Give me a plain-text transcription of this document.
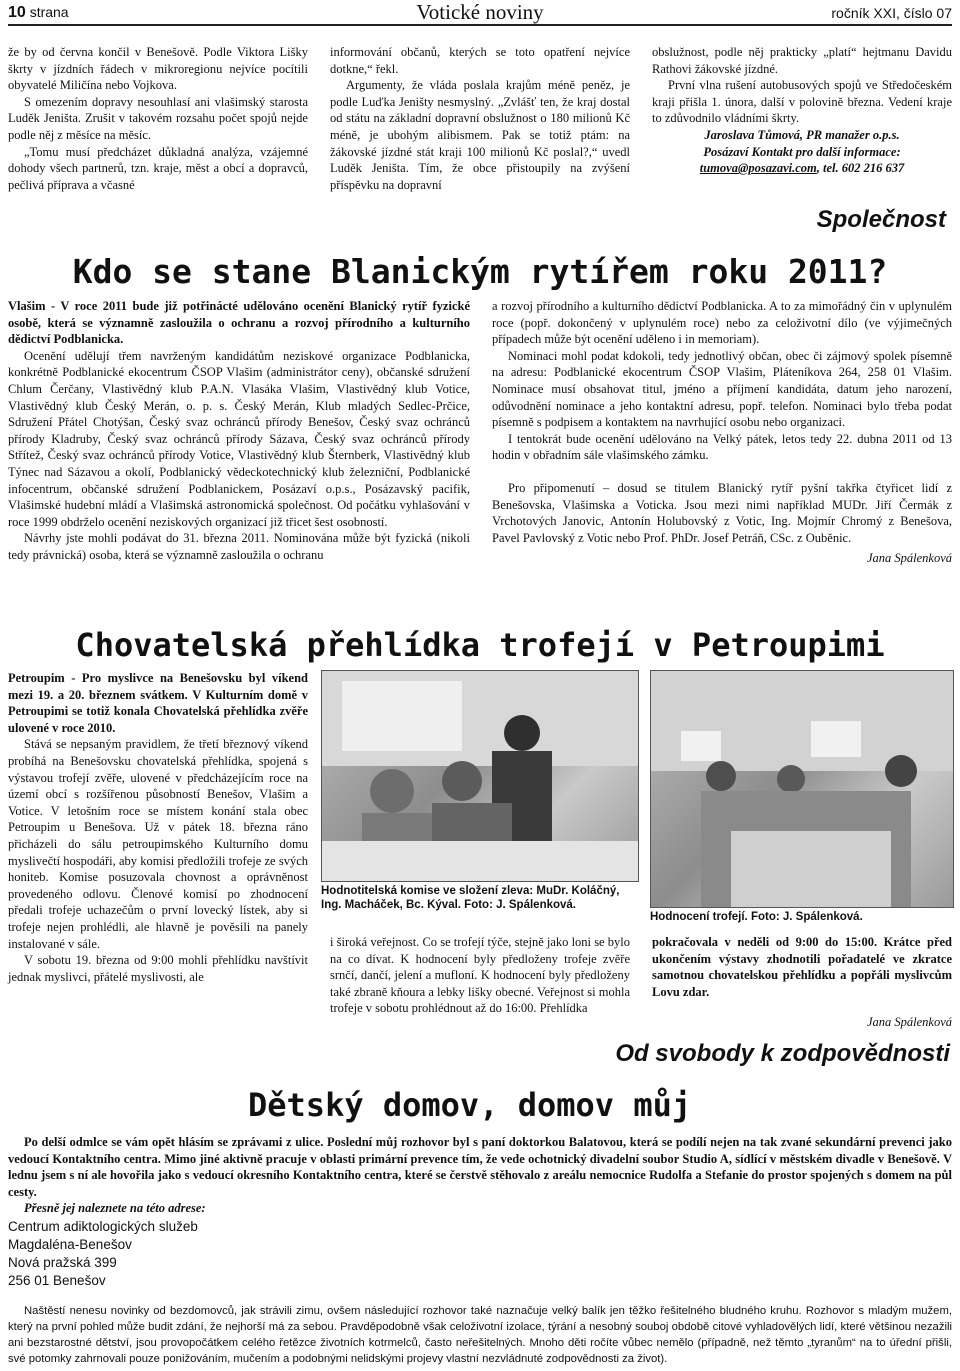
10 strana	Votické noviny	ročník XXI, číslo 07

že by od června končil v Benešově. Podle Viktora Lišky škrty v jízdních řádech v mikroregionu nejvíce pocítili obyvatelé Miličína nebo Vojkova.

S omezením dopravy nesouhlasí ani vlašimský starosta Luděk Jeništa. Zrušit v takovém rozsahu počet spojů nejde podle něj z měsíce na měsíc.

„Tomu musí předcházet důkladná analýza, vzájemné dohody všech partnerů, tzn. kraje, měst a obcí a dopravců, pečlivá příprava a včasné

informování občanů, kterých se toto opatření nejvíce dotkne,“ řekl.

Argumenty, že vláda poslala krajům méně peněz, je podle Luďka Jeništy nesmyslný. „Zvlášť ten, že kraj dostal od státu na základní dopravní obslužnost o 180 milionů Kč méně, je ubohým alibismem. Pak se totiž ptám: na žákovské jízdné stát kraji 100 milionů Kč poslal?,“ uvedl Luděk Jeništa. Tím, že obce přistoupily na zvýšení příspěvku na dopravní

obslužnost, podle něj prakticky „platí“ hejtmanu Davidu Rathovi žákovské jízdné.

První vlna rušení autobusových spojů ve Středočeském kraji přišla 1. února, další v polovině března. Vedení kraje to zdůvodnilo vládními škrty.

Jaroslava Tůmová, PR manažer o.p.s.

Posázaví Kontakt pro další informace:

tumova@posazavi.com, tel. 602 216 637

Společnost
Kdo se stane Blanickým rytířem roku 2011?

Vlašim - V roce 2011 bude již potřinácté udělováno ocenění Blanický rytíř fyzické osobě, která se významně zasloužila o ochranu a rozvoj přírodního a kulturního dědictví Podblanicka.

Ocenění udělují třem navrženým kandidátům neziskové organizace Podblanicka, konkrétně Podblanické ekocentrum ČSOP Vlašim (administrátor ceny), občanské sdružení Chlum Čerčany, Vlastivědný klub P.A.N. Vlasáka Vlašim, Vlastivědný klub Votice, Vlastivědný klub Český Merán, o. p. s. Český Merán, Klub mladých Sedlec-Prčice, Sdružení Přátel Chotýšan, Český svaz ochránců přírody Benešov, Český svaz ochránců přírody Kladruby, Český svaz ochránců přírody Sázava, Český svaz ochránců přírody Střítež, Český svaz ochránců přírody Votice, Vlastivědný klub Šternberk, Vlastivědný klub Týnec nad Sázavou a okolí, Podblanický vědeckotechnický klub železniční, Podblanické infocentrum, občanské sdružení Podblanickem, Posázaví o.p.s., Posázavský pacifik, Vlašimské hudební mládí a Vlašimská astronomická společnost. Od počátku vyhlašování v roce 1999 obdrželo ocenění neziskových organizací již třicet šest osobností.

Návrhy jste mohli podávat do 31. března 2011. Nominována může být fyzická (nikoli tedy právnická) osoba, která se významně zasloužila o ochranu

a rozvoj přírodního a kulturního dědictví Podblanicka. A to za mimořádný čin v uplynulém roce (popř. dokončený v uplynulém roce) nebo za celoživotní dílo (ve výjimečných případech může být ocenění uděleno i in memoriam).

Nominaci mohl podat kdokoli, tedy jednotlivý občan, obec či zájmový spolek písemně na adresu: Podblanické ekocentrum ČSOP Vlašim, Pláteníkova 264, 258 01 Vlašim. Nominace musí obsahovat titul, jméno a příjmení kandidáta, datum jeho narození, odůvodnění nominace a jeho kontaktní adresu, popř. telefon. Nominaci bylo třeba podat písemně s podpisem a kontaktem na navrhující osobu nebo organizaci.

I tentokrát bude ocenění udělováno na Velký pátek, letos tedy 22. dubna 2011 od 13 hodin v obřadním sále vlašimského zámku.

Pro připomenutí – dosud se titulem Blanický rytíř pyšní takřka čtyřicet lidí z Benešovska, Vlašimska a Voticka. Jsou mezi nimi například MUDr. Jiří Čermák z Vrchotových Janovic, Antonín Holubovský z Votic, Ing. Mojmír Chromý z Benešova, Pavel Pavlovský z Votic nebo Prof. PhDr. Josef Petráň, CSc. z Ouběnic.

Jana Spálenková

Chovatelská přehlídka trofejí v Petroupimi

Petroupim - Pro myslivce na Benešovsku byl víkend mezi 19. a 20. březnem svátkem. V Kulturním domě v Petroupimi se totiž konala Chovatelská přehlídka zvěře ulovené v roce 2010.

Stává se nepsaným pravidlem, že třetí březnový víkend probíhá na Benešovsku chovatelská přehlídka, spojená s výstavou trofejí zvěře, ulovené v předcházejícím roce na území obcí s rozšířenou působností Benešov, Vlašim a Votice. V letošním roce se místem konání stala obec Petroupim u Benešova. Už v pátek 18. března ráno přicházeli do sálu petroupimského Kulturního domu myslivečtí hospodáři, aby komisi předložili trofeje ze svých honiteb. Komise posuzovala chovnost a oprávněnost provedeného odlovu. Členové komisí po zhodnocení předali trofeje uchazečům o první lovecký lístek, aby si trofeje nejen prohlédli, ale hlavně je pověsili na panely instalované v sále.

V sobotu 19. března od 9:00 mohli přehlídku navštívit jednak myslivci, přátelé myslivosti, ale

Hodnotitelská komise ve složení zleva: MuDr. Koláčný, Ing. Macháček, Bc. Kýval. Foto: J. Spálenková.
Hodnocení trofejí. Foto: J. Spálenková.

i široká veřejnost. Co se trofejí týče, stejně jako loni se bylo na co dívat. K hodnocení byly předloženy trofeje zvěře srnčí, dančí, jelení a mufloní. K hodnocení byly předloženy také zbraně kňoura a lebky lišky obecné. Veřejnost si mohla trofeje v sobotu prohlédnout až do 16:00. Přehlídka

pokračovala v neděli od 9:00 do 15:00. Krátce před ukončením výstavy zhodnotili pořadatelé ve zkratce samotnou chovatelskou přehlídku a popřáli myslivcům Lovu zdar.

Jana Spálenková

Od svobody k zodpovědnosti
Dětský domov, domov můj

Po delší odmlce se vám opět hlásím se zprávami z ulice. Poslední můj rozhovor byl s paní doktorkou Balatovou, která se podílí nejen na tak zvané sekundární prevenci jako vedoucí Kontaktního centra. Mimo jiné aktivně pracuje v oblasti primární prevence tím, že vede ochotnický divadelní soubor Studio A, sídlící v městském divadle v Benešově. V lednu jsem s ní ale hovořila jako s vedoucí okresního Kontaktního centra, které se čerstvě stěhovalo z areálu nemocnice Rudolfa a Stefanie do prostor spojených s domem na půl cesty.

Přesně jej naleznete na této adrese:

Centrum adiktologických služeb
Magdaléna-Benešov
Nová pražská 399
256 01 Benešov

Naštěstí nenesu novinky od bezdomovců, jak strávili zimu, ovšem následující rozhovor také naznačuje velký balík jen těžko řešitelného bludného kruhu. Rozhovor s mladým mužem, který na první pohled může budit zdání, že nejhorší má za sebou. Pravděpodobně však celoživotní izolace, týrání a nesobný souboj obdobě citové vyhladovělých lidí, které většinou nezažili ani bezstarostné dětství, jsou provopočátkem celého řetězce životních kotrmelců, často neřešitelných. Mnoho děti ročíte vůbec nemělo (případně, než těmto „tyranům“ na to úřední přišli, své potomky zahrnovali pouze ponižováním, mučením a podobnými nelidskými projevy vlastní nezvládnuté zodpovědnosti za život).
